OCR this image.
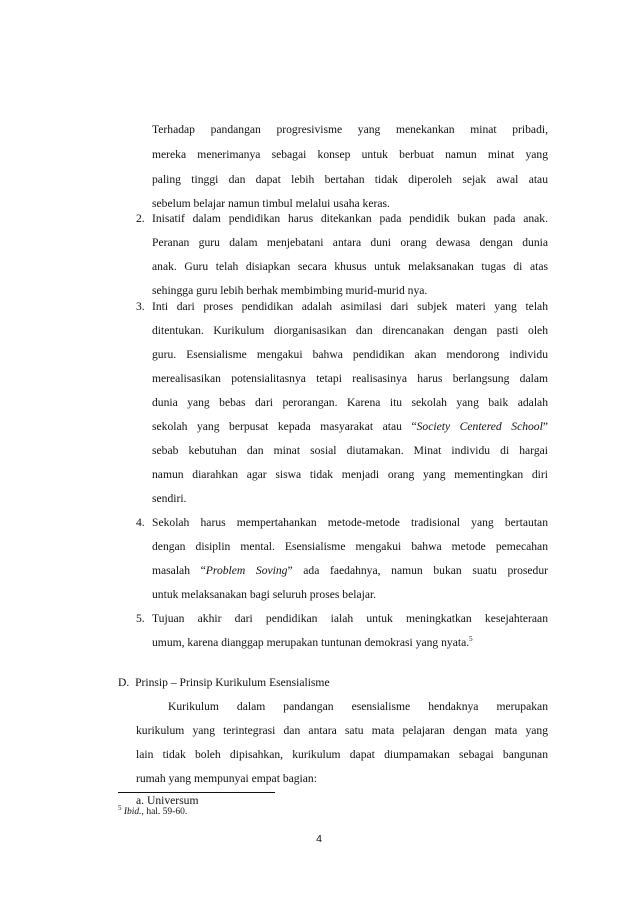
Terhadap pandangan progresivisme yang menekankan minat pribadi,
mereka menerimanya sebagai konsep untuk berbuat namun minat yang
paling tinggi dan dapat lebih bertahan tidak diperoleh sejak awal atau
sebelum belajar namun timbul melalui usaha keras.
2. Inisatif dalam pendidikan harus ditekankan pada pendidik bukan pada anak.
Peranan guru dalam menjebatani antara duni orang dewasa dengan dunia
anak. Guru telah disiapkan secara khusus untuk melaksanakan tugas di atas
sehingga guru lebih berhak membimbing murid-murid nya.
3. Inti dari proses pendidikan adalah asimilasi dari subjek materi yang telah
ditentukan. Kurikulum diorganisasikan dan direncanakan dengan pasti oleh
guru. Esensialisme mengakui bahwa pendidikan akan mendorong individu
merealisasikan potensialitasnya tetapi realisasinya harus berlangsung dalam
dunia yang bebas dari perorangan. Karena itu sekolah yang baik adalah
sekolah yang berpusat kepada masyarakat atau “Society Centered School”
sebab kebutuhan dan minat sosial diutamakan. Minat individu di hargai
namun diarahkan agar siswa tidak menjadi orang yang mementingkan diri
sendiri.
4. Sekolah harus mempertahankan metode-metode tradisional yang bertautan
dengan disiplin mental. Esensialisme mengakui bahwa metode pemecahan
masalah “Problem Soving” ada faedahnya, namun bukan suatu prosedur
untuk melaksanakan bagi seluruh proses belajar.
5. Tujuan akhir dari pendidikan ialah untuk meningkatkan kesejahteraan
umum, karena dianggap merupakan tuntunan demokrasi yang nyata.$^5$
D. Prinsip – Prinsip Kurikulum Esensialisme
Kurikulum dalam pandangan esensialisme hendaknya merupakan
kurikulum yang terintegrasi dan antara satu mata pelajaran dengan mata yang
lain tidak boleh dipisahkan, kurikulum dapat diumpamakan sebagai bangunan
rumah yang mempunyai empat bagian:
a. Universum
$^5$ Ibid., hal. 59-60.
4
